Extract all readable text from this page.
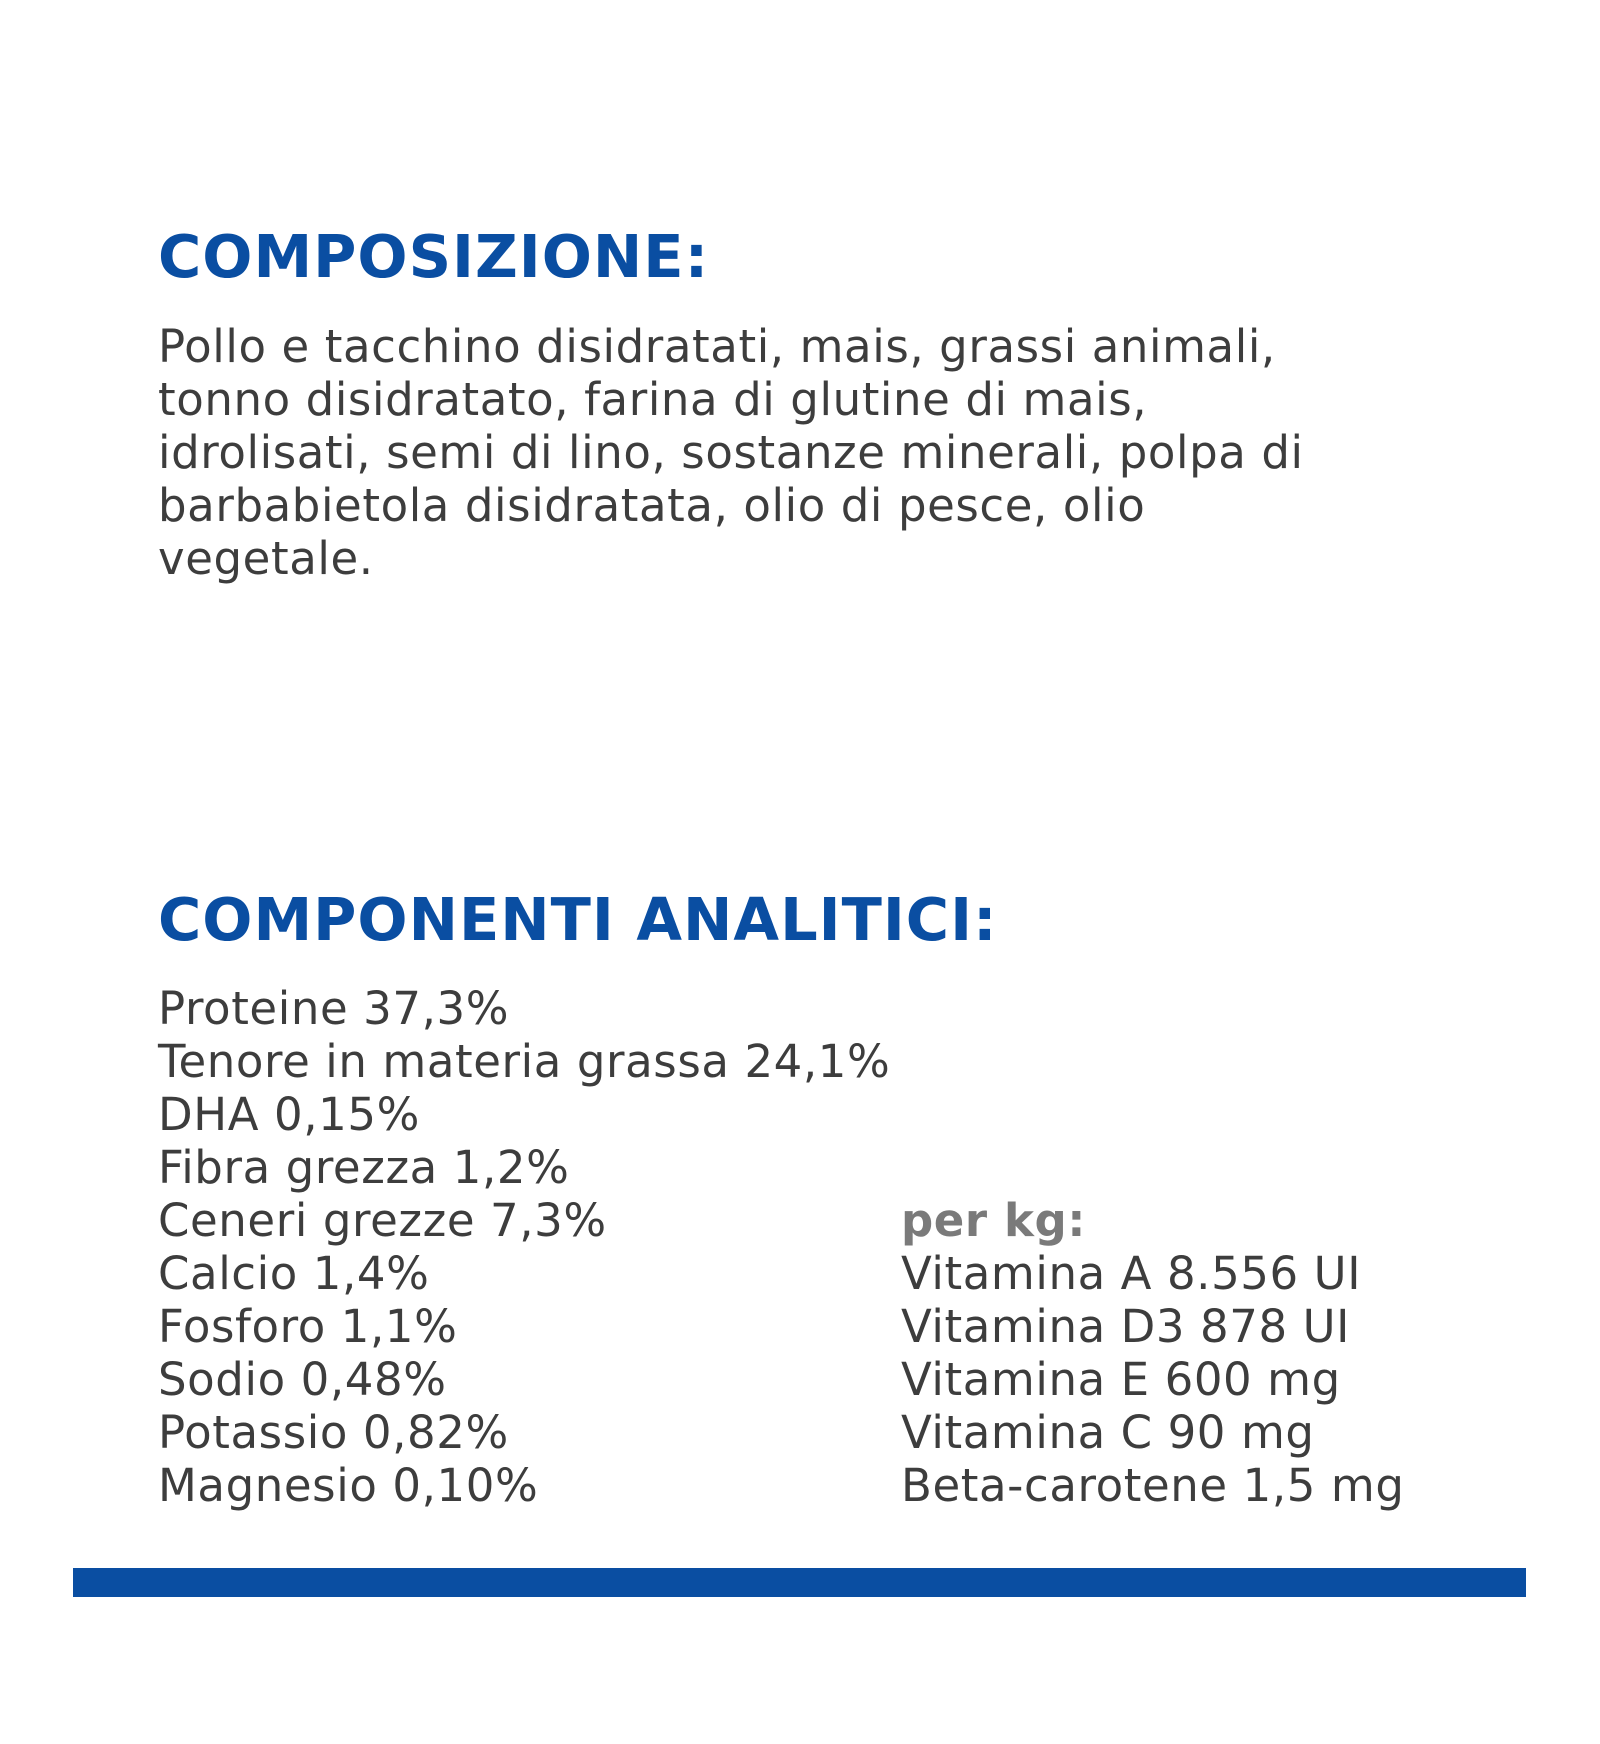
COMPOSIZIONE:
Pollo e tacchino disidratati, mais, grassi animali,
tonno disidratato, farina di glutine di mais,
idrolisati, semi di lino, sostanze minerali, polpa di
barbabietola disidratata, olio di pesce, olio
vegetale.
COMPONENTI ANALITICI:
Proteine 37,3%
Tenore in materia grassa 24,1%
DHA 0,15%
Fibra grezza 1,2%
Ceneri grezze 7,3%
Calcio 1,4%
Fosforo 1,1%
Sodio 0,48%
Potassio 0,82%
Magnesio 0,10%
per kg:
Vitamina A 8.556 UI
Vitamina D3 878 UI
Vitamina E 600 mg
Vitamina C 90 mg
Beta-carotene 1,5 mg
